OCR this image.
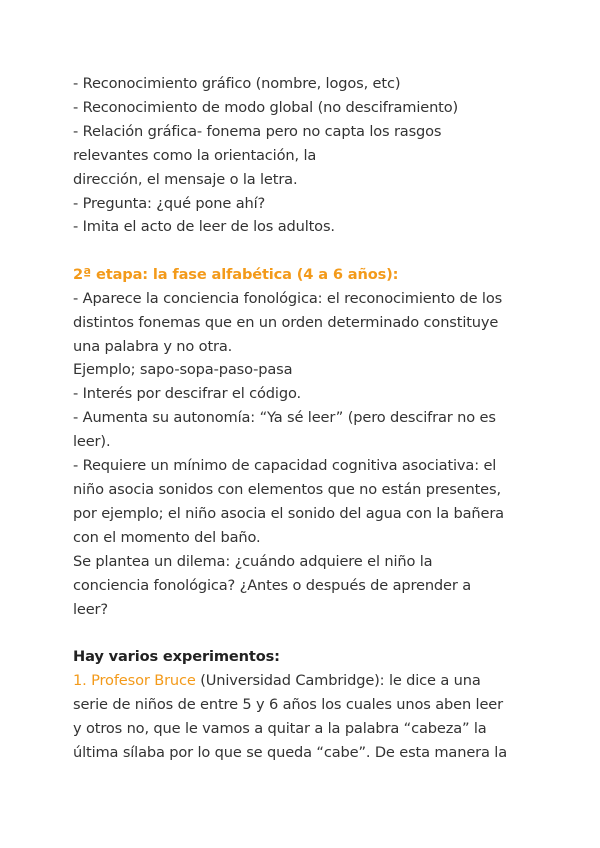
- Reconocimiento gráfico (nombre, logos, etc)
- Reconocimiento de modo global (no desciframiento)
- Relación gráfica- fonema pero no capta los rasgos
relevantes como la orientación, la
dirección, el mensaje o la letra.
- Pregunta: ¿qué pone ahí?
- Imita el acto de leer de los adultos.
2ª etapa: la fase alfabética (4 a 6 años):
- Aparece la conciencia fonológica: el reconocimiento de los
distintos fonemas que en un orden determinado constituye
una palabra y no otra.
Ejemplo; sapo-sopa-paso-pasa
- Interés por descifrar el código.
- Aumenta su autonomía: “Ya sé leer” (pero descifrar no es
leer).
- Requiere un mínimo de capacidad cognitiva asociativa: el
niño asocia sonidos con elementos que no están presentes,
por ejemplo; el niño asocia el sonido del agua con la bañera
con el momento del baño.
Se plantea un dilema: ¿cuándo adquiere el niño la
conciencia fonológica? ¿Antes o después de aprender a
leer?
Hay varios experimentos:
1. Profesor Bruce (Universidad Cambridge): le dice a una
serie de niños de entre 5 y 6 años los cuales unos aben leer
y otros no, que le vamos a quitar a la palabra “cabeza” la
última sílaba por lo que se queda “cabe”. De esta manera la
